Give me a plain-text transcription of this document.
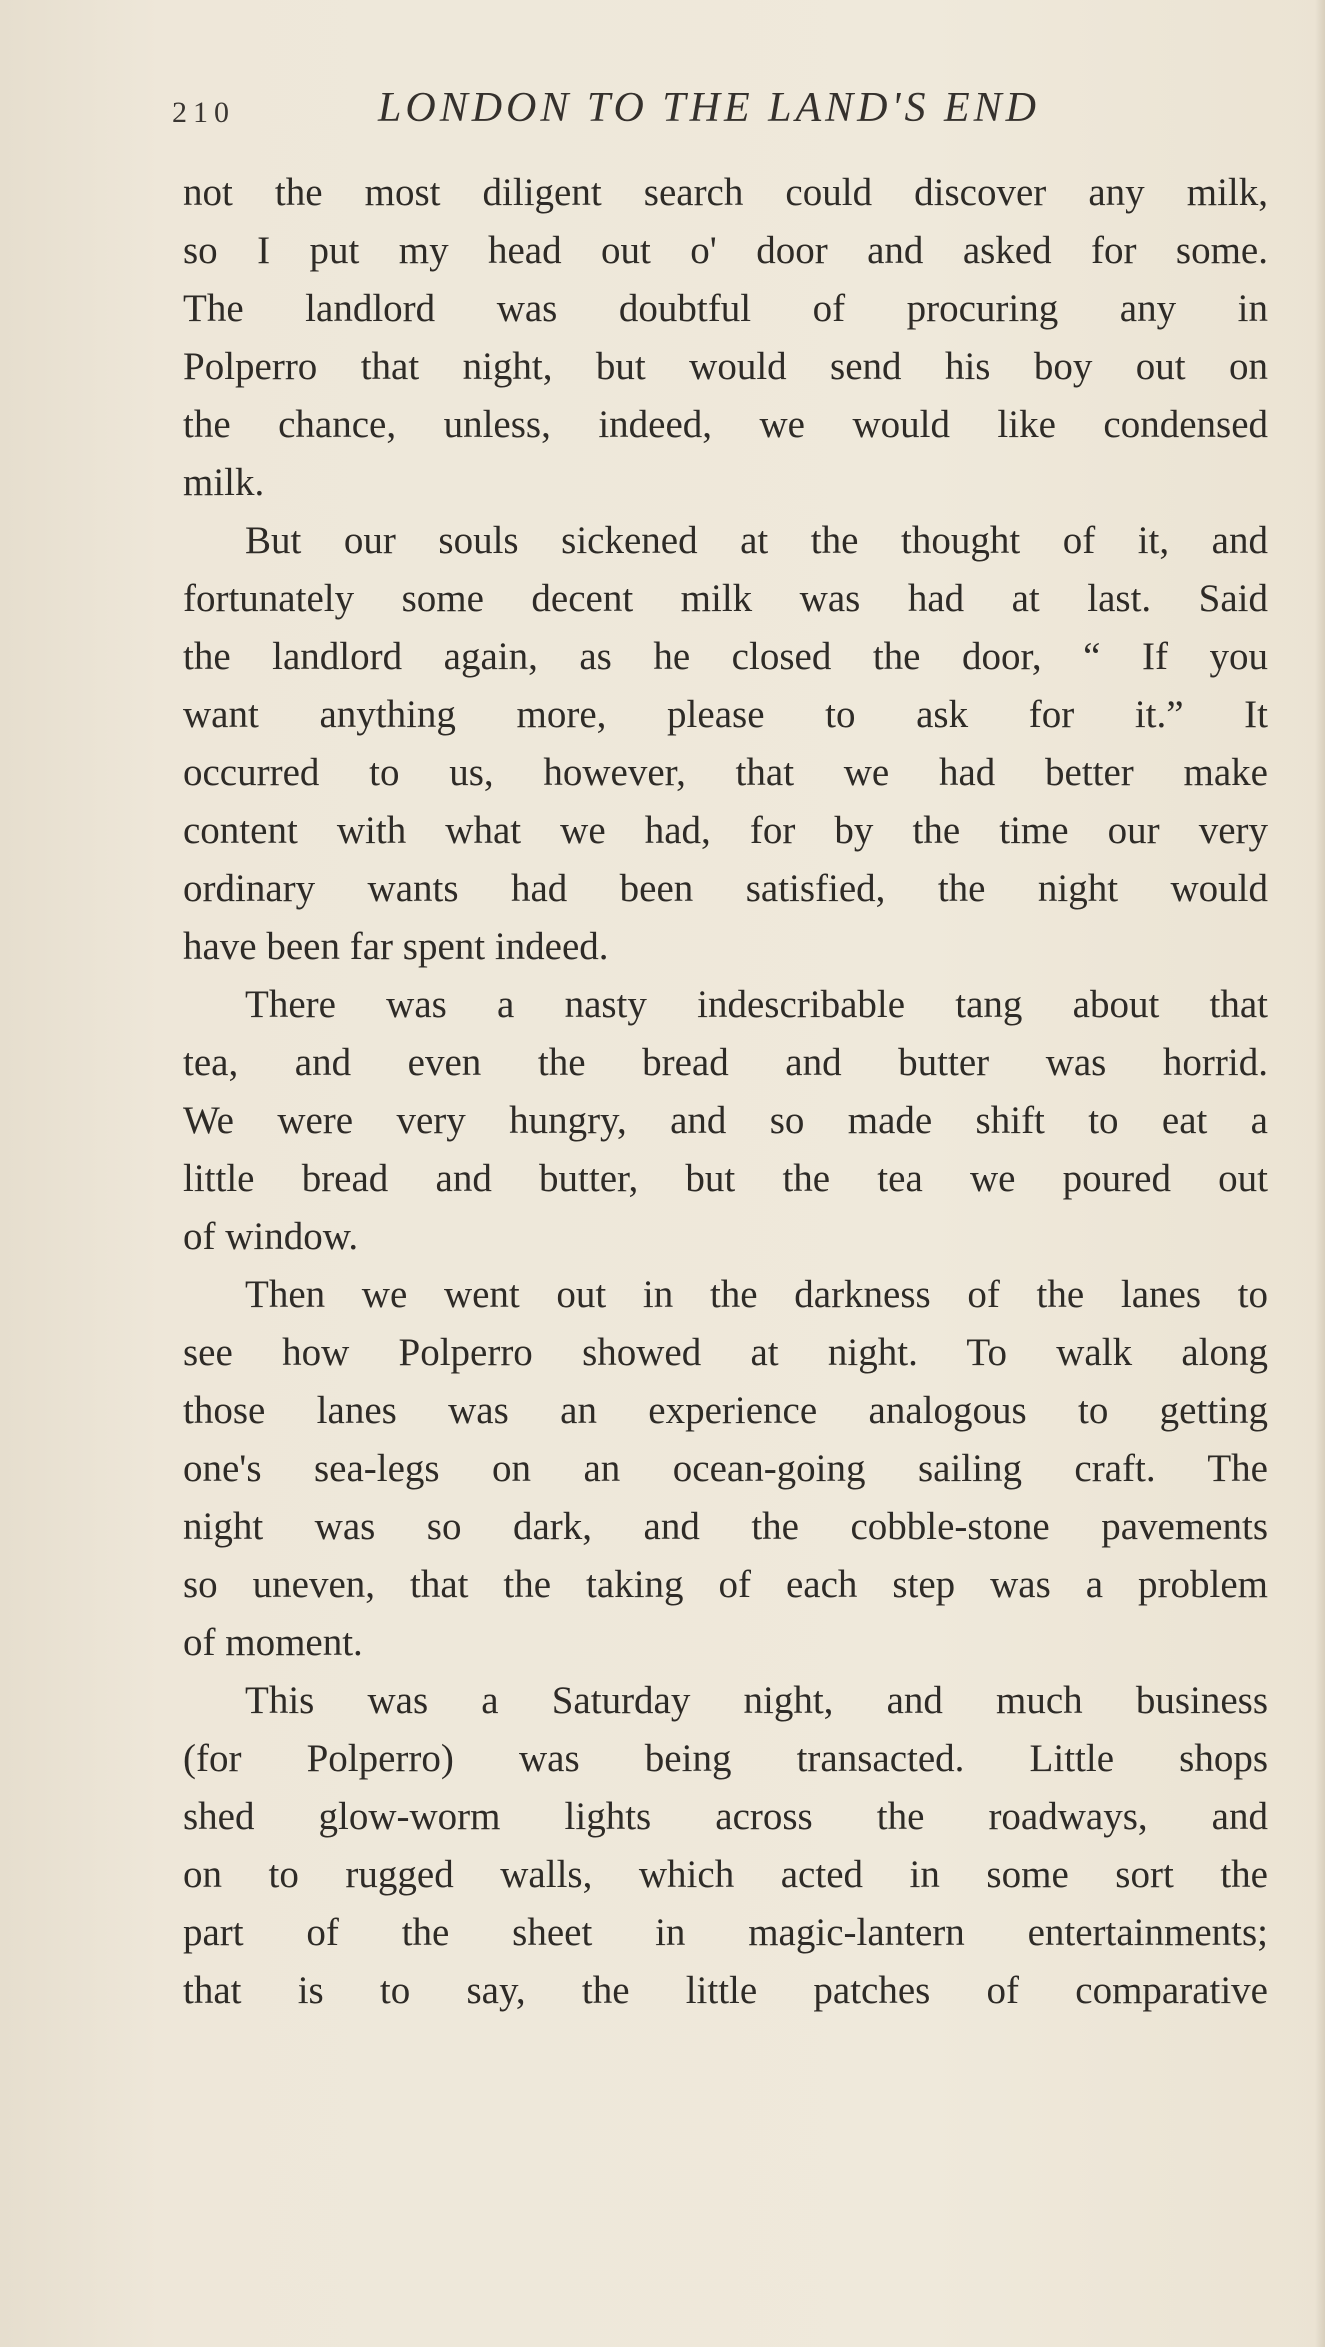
210	LONDON TO THE LAND'S END
not the most diligent search could discover any milk,
so I put my head out o' door and asked for some.
The landlord was doubtful of procuring any in
Polperro that night, but would send his boy out on
the chance, unless, indeed, we would like condensed
milk.
But our souls sickened at the thought of it, and
fortunately some decent milk was had at last. Said
the landlord again, as he closed the door, “ If you
want anything more, please to ask for it.” It
occurred to us, however, that we had better make
content with what we had, for by the time our very
ordinary wants had been satisfied, the night would
have been far spent indeed.
There was a nasty indescribable tang about that
tea, and even the bread and butter was horrid.
We were very hungry, and so made shift to eat a
little bread and butter, but the tea we poured out
of window.
Then we went out in the darkness of the lanes to
see how Polperro showed at night. To walk along
those lanes was an experience analogous to getting
one's sea-legs on an ocean-going sailing craft. The
night was so dark, and the cobble-stone pavements
so uneven, that the taking of each step was a problem
of moment.
This was a Saturday night, and much business
(for Polperro) was being transacted. Little shops
shed glow-worm lights across the roadways, and
on to rugged walls, which acted in some sort the
part of the sheet in magic-lantern entertainments;
that is to say, the little patches of comparative
